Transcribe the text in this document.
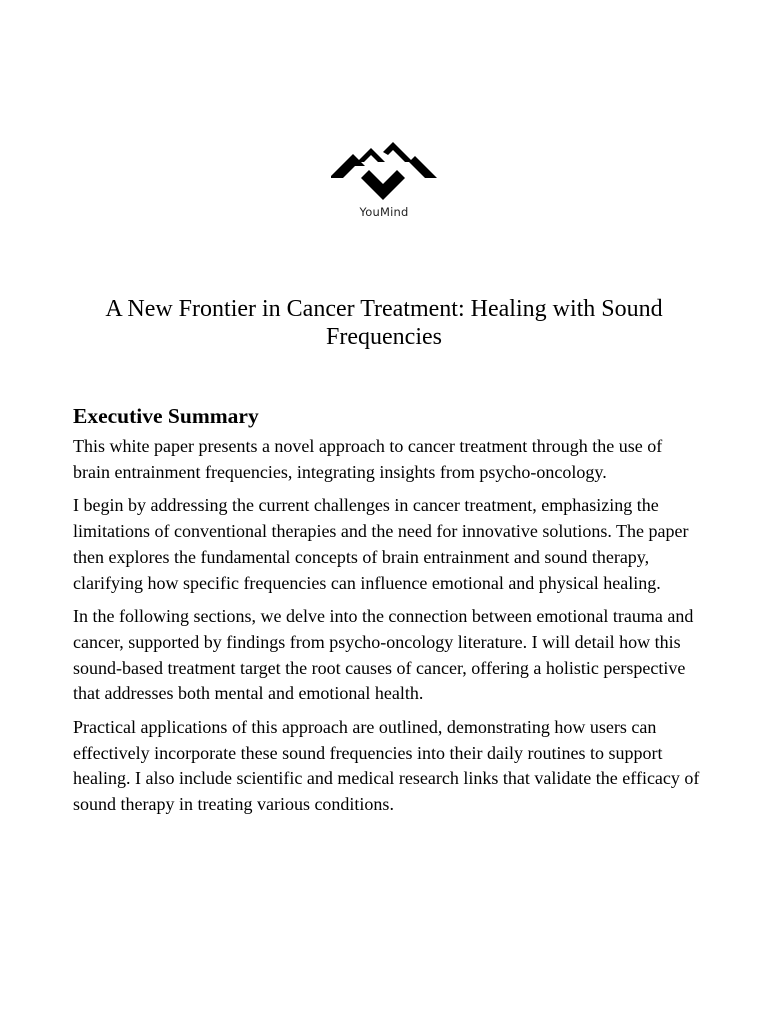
YouMind
A New Frontier in Cancer Treatment: Healing with Sound Frequencies
Executive Summary

This white paper presents a novel approach to cancer treatment through the use of brain entrainment frequencies, integrating insights from psycho-oncology.

I begin by addressing the current challenges in cancer treatment, emphasizing the limitations of conventional therapies and the need for innovative solutions. The paper then explores the fundamental concepts of brain entrainment and sound therapy, clarifying how specific frequencies can influence emotional and physical healing.

In the following sections, we delve into the connection between emotional trauma and cancer, supported by findings from psycho-oncology literature. I will detail how this sound-based treatment target the root causes of cancer, offering a holistic perspective that addresses both mental and emotional health.

Practical applications of this approach are outlined, demonstrating how users can effectively incorporate these sound frequencies into their daily routines to support healing. I also include scientific and medical research links that validate the efficacy of sound therapy in treating various conditions.
